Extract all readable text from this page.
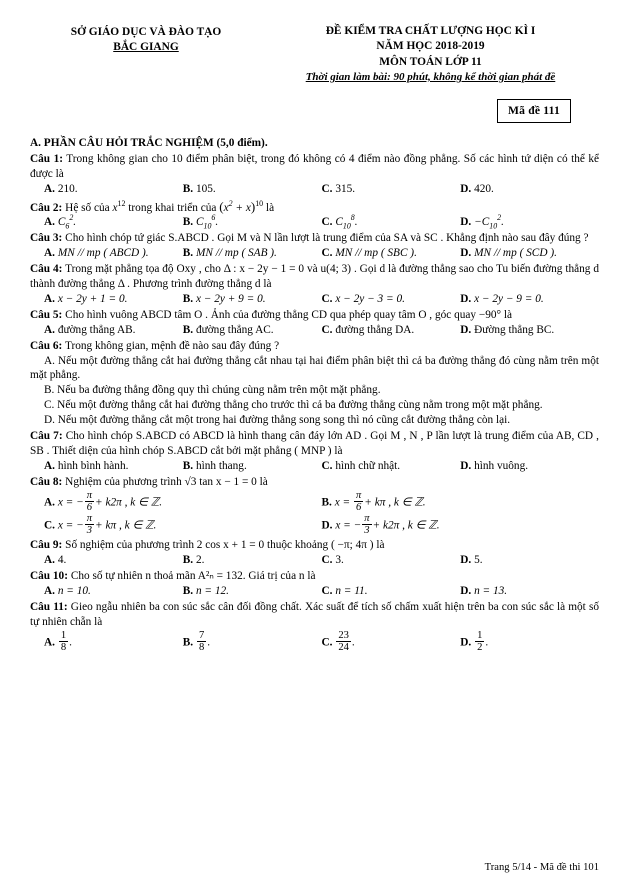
SỞ GIÁO DỤC VÀ ĐÀO TẠO
BẮC GIANG
ĐỀ KIỂM TRA CHẤT LƯỢNG HỌC KÌ I
NĂM HỌC 2018-2019
MÔN TOÁN LỚP 11
Thời gian làm bài: 90 phút, không kể thời gian phát đề
Mã đề 111
A. PHẦN CÂU HỎI TRẮC NGHIỆM (5,0 điểm).
Câu 1: Trong không gian cho 10 điểm phân biệt, trong đó không có 4 điểm nào đồng phẳng. Số các hình tứ diện có thể kể được là
A. 210.	B. 105.	C. 315.	D. 420.
Câu 2: Hệ số của $x^{12}$ trong khai triển của $(x^2 + x)^{10}$ là
A. $C_6^2$.	B. $C_{10}^6$.	C. $C_{10}^8$.	D. $-C_{10}^2$.
Câu 3: Cho hình chóp tứ giác S.ABCD . Gọi M và N lần lượt là trung điểm của SA và SC . Khẳng định nào sau đây đúng ?
A. MN // mp ( ABCD ).	B. MN // mp ( SAB ).	C. MN // mp ( SBC ).	D. MN // mp ( SCD ).
Câu 4: Trong mặt phẳng tọa độ Oxy , cho Δ : x − 2y − 1 = 0 và u(4; 3) . Gọi d là đường thẳng sao cho Tu biến đường thẳng d thành đường thẳng Δ . Phương trình đường thẳng d là
A. x − 2y + 1 = 0.	B. x − 2y + 9 = 0.	C. x − 2y − 3 = 0.	D. x − 2y − 9 = 0.
Câu 5: Cho hình vuông ABCD tâm O . Ảnh của đường thẳng CD qua phép quay tâm O , góc quay −90° là
A. đường thẳng AB.	B. đường thẳng AC.	C. đường thẳng DA.	D. Đường thẳng BC.
Câu 6: Trong không gian, mệnh đề nào sau đây đúng ?
A. Nếu một đường thẳng cắt hai đường thẳng cắt nhau tại hai điểm phân biệt thì cả ba đường thẳng đó cùng nằm trên một mặt phẳng.
B. Nếu ba đường thẳng đồng quy thì chúng cùng nằm trên một mặt phẳng.
C. Nếu một đường thẳng cắt hai đường thẳng cho trước thì cả ba đường thẳng cùng nằm trong một mặt phẳng.
D. Nếu một đường thẳng cắt một trong hai đường thẳng song song thì nó cũng cắt đường thẳng còn lại.
Câu 7: Cho hình chóp S.ABCD có ABCD là hình thang cân đáy lớn AD . Gọi M , N , P lần lượt là trung điểm của AB, CD , SB . Thiết diện của hình chóp S.ABCD cắt bởi mặt phẳng ( MNP ) là
A. hình bình hành.	B. hình thang.	C. hình chữ nhật.	D. hình vuông.
Câu 8: Nghiệm của phương trình √3 tan x − 1 = 0 là
A. x = − $\frac{\pi}{6} + k2\pi$ , k ∈ ℤ.	B. $x = \frac{\pi}{6} + k\pi$ , k ∈ ℤ.
C. x = − $\frac{\pi}{3} + k\pi$ , k ∈ ℤ.	D. x = − $\frac{\pi}{3} + k2\pi$ , k ∈ ℤ.
Câu 9: Số nghiệm của phương trình 2 cos x + 1 = 0 thuộc khoảng ( −π; 4π ) là
A. 4.	B. 2.	C. 3.	D. 5.
Câu 10: Cho số tự nhiên n thoả mãn A²ₙ = 132. Giá trị của n là
A. n = 10.	B. n = 12.	C. n = 11.	D. n = 13.
Câu 11: Gieo ngẫu nhiên ba con súc sắc cân đối đồng chất. Xác suất để tích số chấm xuất hiện trên ba con súc sắc là một số tự nhiên chẵn là
A. $\frac{1}{8}$ .	B. $\frac{7}{8}$ .	C. $\frac{23}{24}$ .	D. $\frac{1}{2}$ .
Trang 5/14 - Mã đề thi 101
